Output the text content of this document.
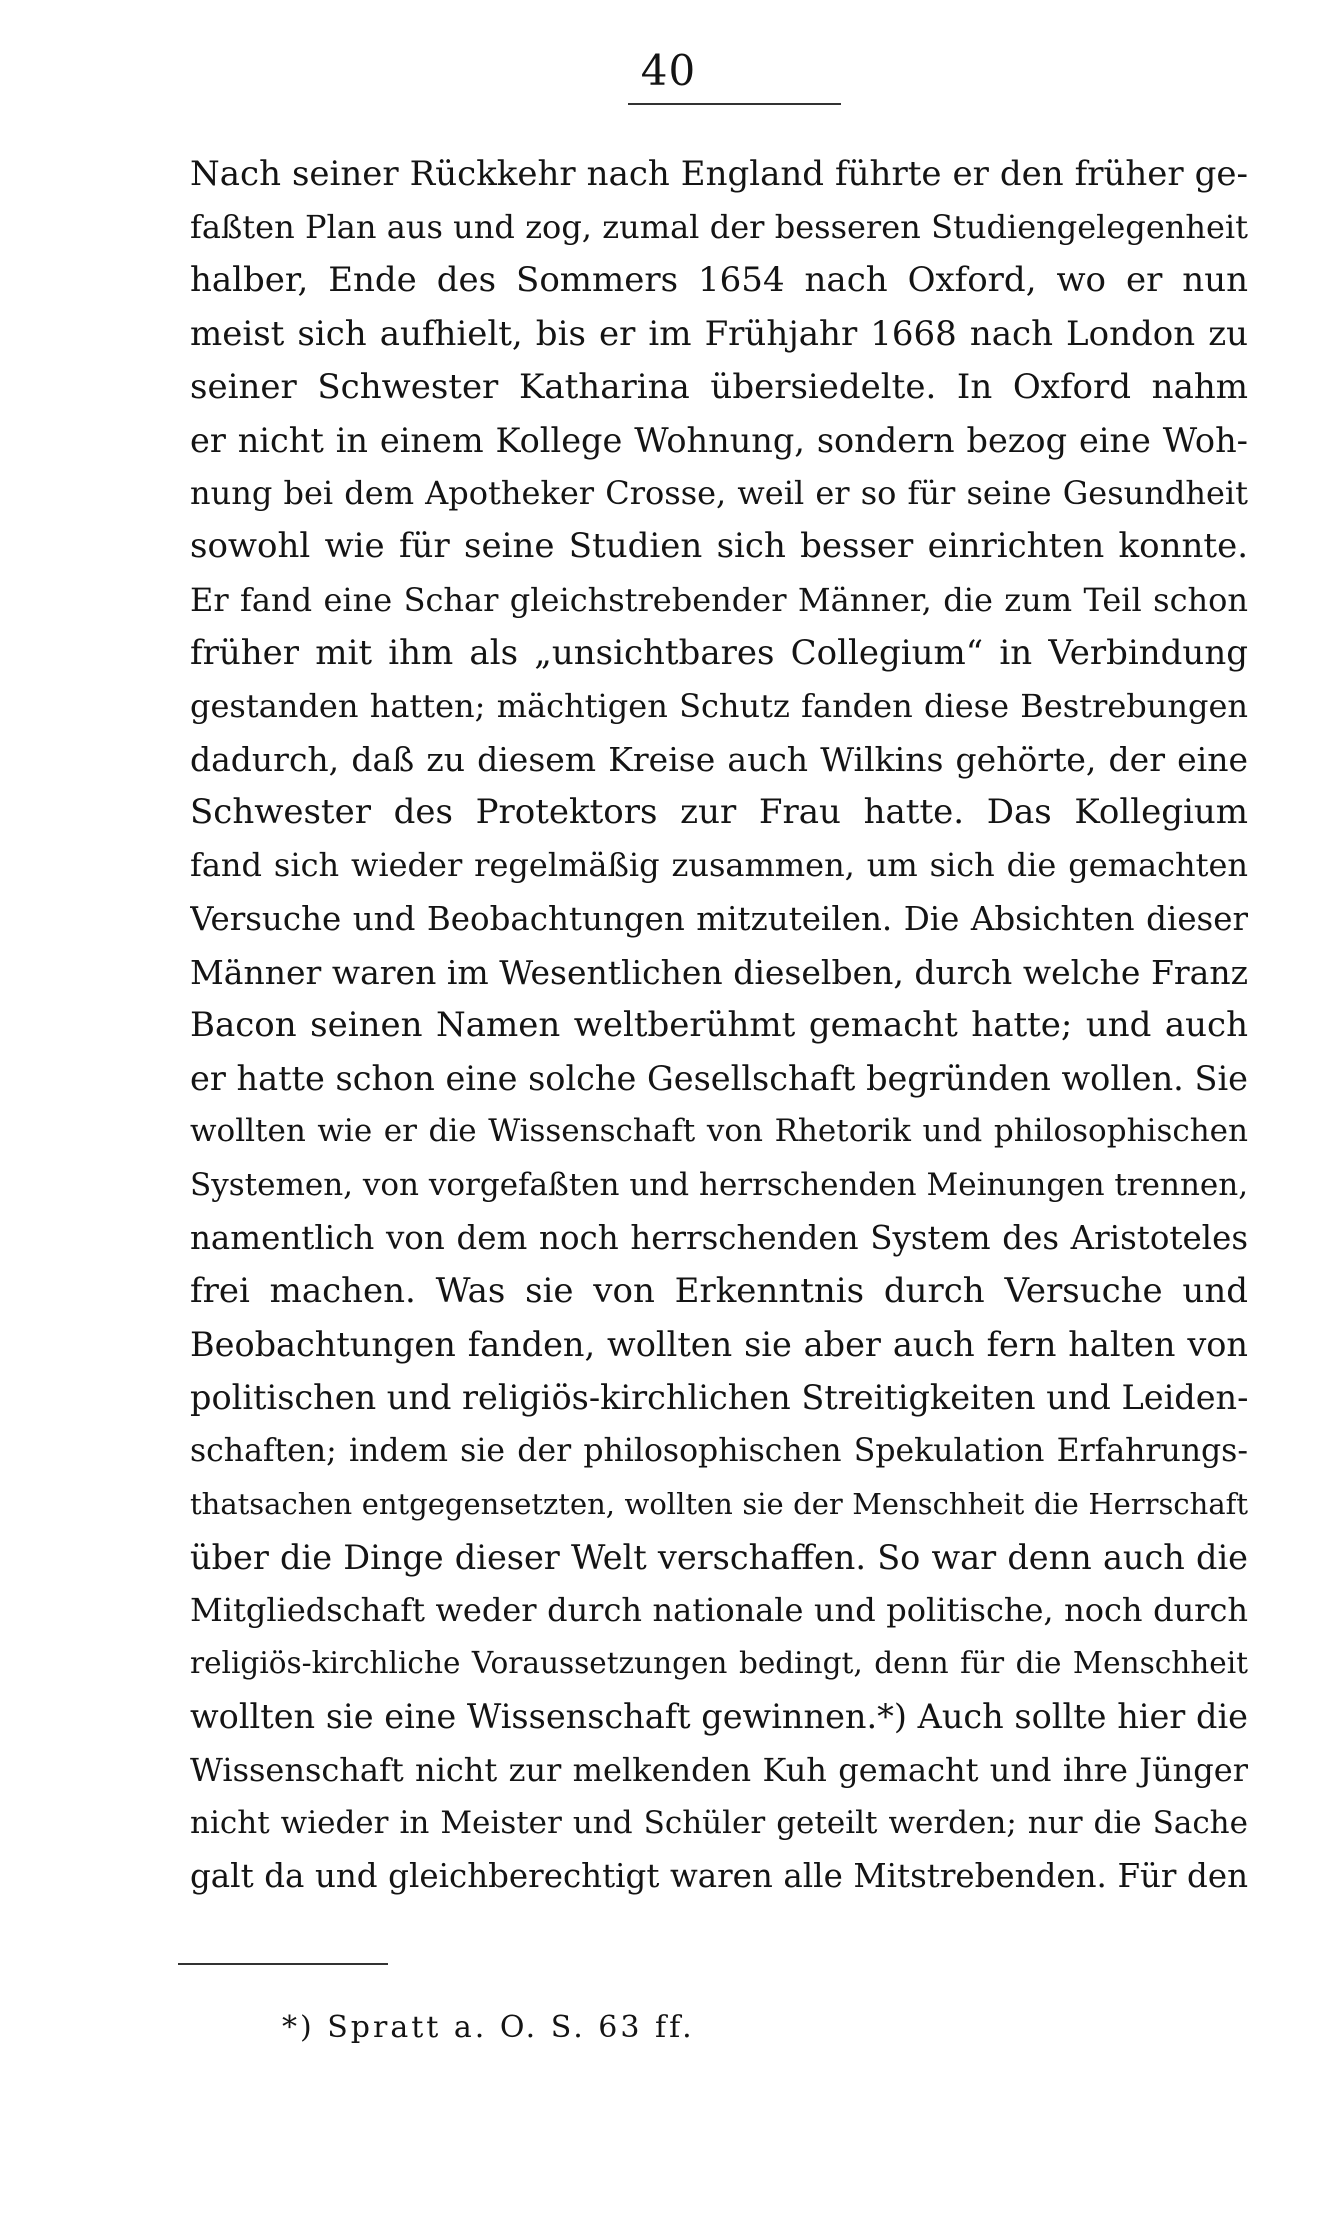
40
Nach seiner Rückkehr nach England führte er den früher ge-
faßten Plan aus und zog, zumal der besseren Studiengelegenheit
halber, Ende des Sommers 1654 nach Oxford, wo er nun
meist sich aufhielt, bis er im Frühjahr 1668 nach London zu
seiner Schwester Katharina übersiedelte. In Oxford nahm
er nicht in einem Kollege Wohnung, sondern bezog eine Woh-
nung bei dem Apotheker Crosse, weil er so für seine Gesundheit
sowohl wie für seine Studien sich besser einrichten konnte.
Er fand eine Schar gleichstrebender Männer, die zum Teil schon
früher mit ihm als „unsichtbares Collegium“ in Verbindung
gestanden hatten; mächtigen Schutz fanden diese Bestrebungen
dadurch, daß zu diesem Kreise auch Wilkins gehörte, der eine
Schwester des Protektors zur Frau hatte. Das Kollegium
fand sich wieder regelmäßig zusammen, um sich die gemachten
Versuche und Beobachtungen mitzuteilen. Die Absichten dieser
Männer waren im Wesentlichen dieselben, durch welche Franz
Bacon seinen Namen weltberühmt gemacht hatte; und auch
er hatte schon eine solche Gesellschaft begründen wollen. Sie
wollten wie er die Wissenschaft von Rhetorik und philosophischen
Systemen, von vorgefaßten und herrschenden Meinungen trennen,
namentlich von dem noch herrschenden System des Aristoteles
frei machen. Was sie von Erkenntnis durch Versuche und
Beobachtungen fanden, wollten sie aber auch fern halten von
politischen und religiös-kirchlichen Streitigkeiten und Leiden-
schaften; indem sie der philosophischen Spekulation Erfahrungs-
thatsachen entgegensetzten, wollten sie der Menschheit die Herrschaft
über die Dinge dieser Welt verschaffen. So war denn auch die
Mitgliedschaft weder durch nationale und politische, noch durch
religiös-kirchliche Voraussetzungen bedingt, denn für die Menschheit
wollten sie eine Wissenschaft gewinnen.*) Auch sollte hier die
Wissenschaft nicht zur melkenden Kuh gemacht und ihre Jünger
nicht wieder in Meister und Schüler geteilt werden; nur die Sache
galt da und gleichberechtigt waren alle Mitstrebenden. Für den
*) Spratt a. O. S. 63 ff.
